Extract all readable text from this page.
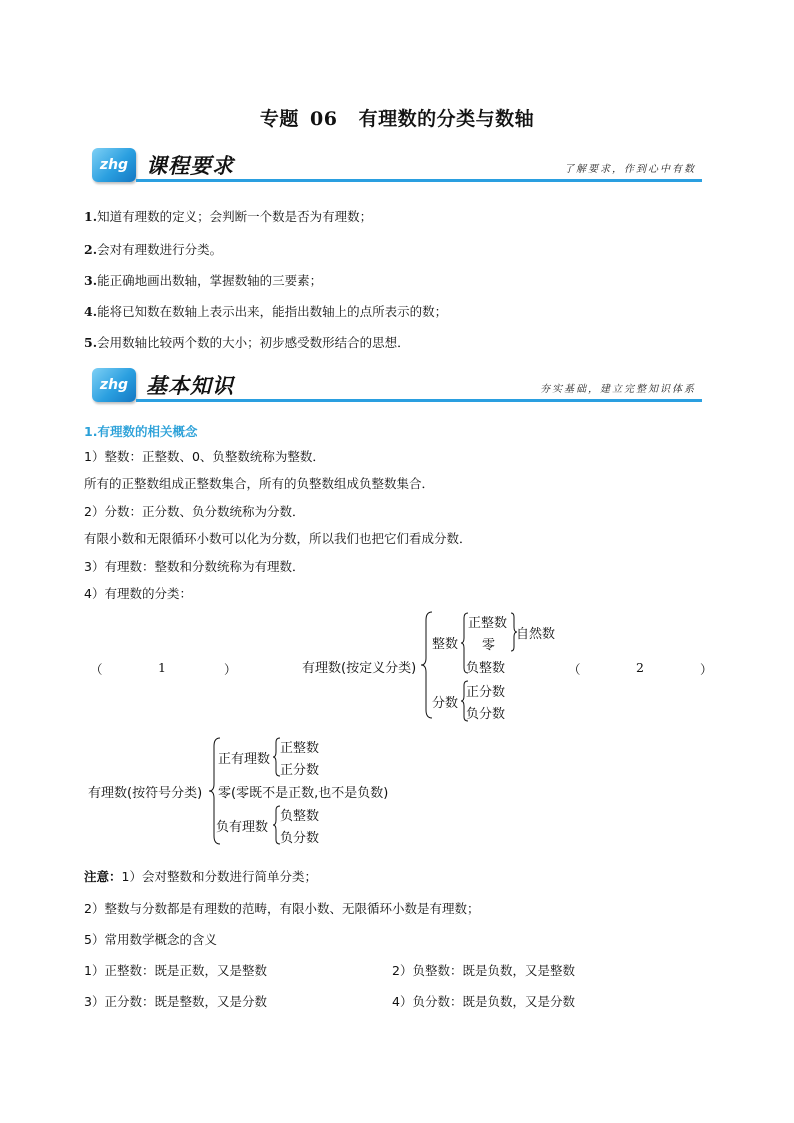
专题 06 有理数的分类与数轴
zhg 课程要求	了解要求，作到心中有数
1.知道有理数的定义；会判断一个数是否为有理数；
2.会对有理数进行分类。
3.能正确地画出数轴，掌握数轴的三要素；
4.能将已知数在数轴上表示出来，能指出数轴上的点所表示的数；
5.会用数轴比较两个数的大小；初步感受数形结合的思想．
zhg 基本知识	夯实基础，建立完整知识体系
1.有理数的相关概念
1）整数：正整数、0、负整数统称为整数．
所有的正整数组成正整数集合，所有的负整数组成负整数集合．
2）分数：正分数、负分数统称为分数．
有限小数和无限循环小数可以化为分数，所以我们也把它们看成分数．
3）有理数：整数和分数统称为有理数．
4）有理数的分类：
（	1	）	有理数(按定义分类)
整数
正整数
零
负整数
自然数
分数
正分数
负分数
（	2	）
有理数(按符号分类)
正有理数
正整数
正分数
零(零既不是正数,也不是负数)
负有理数
负整数
负分数
注意：1）会对整数和分数进行简单分类；
2）整数与分数都是有理数的范畴，有限小数、无限循环小数是有理数；
5）常用数学概念的含义
1）正整数：既是正数，又是整数	2）负整数：既是负数，又是整数
3）正分数：既是整数，又是分数	4）负分数：既是负数，又是分数
